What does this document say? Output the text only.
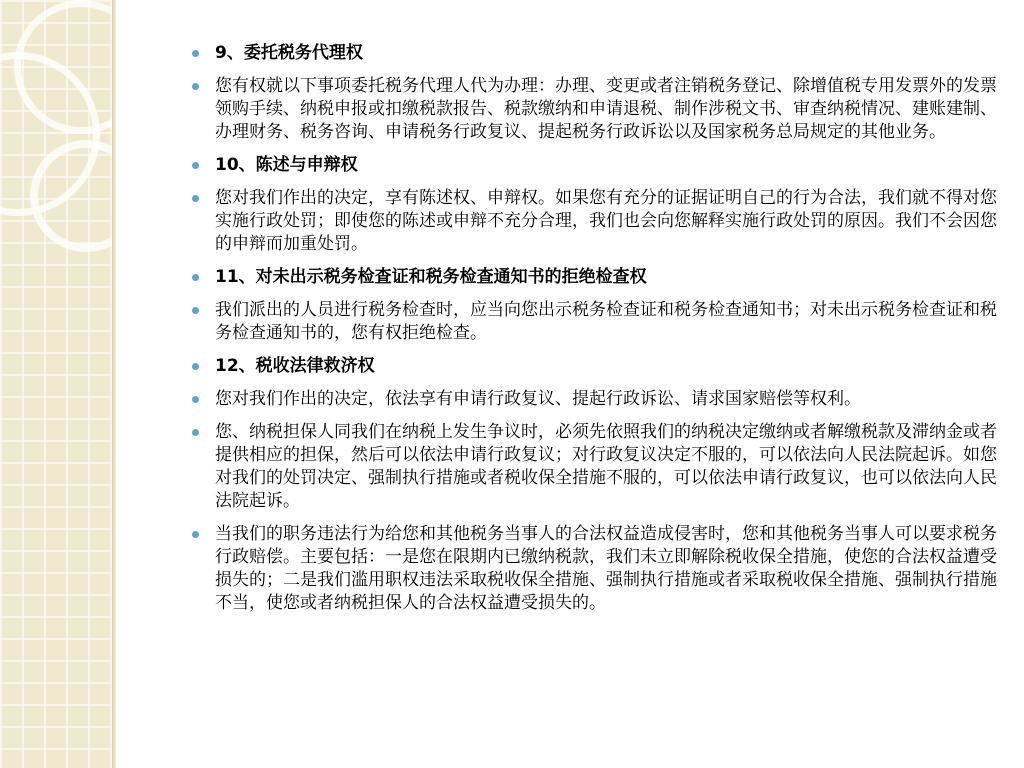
9、委托税务代理权
您有权就以下事项委托税务代理人代为办理：办理、变更或者注销税务登记、除增值税专用发票外的发票领购手续、纳税申报或扣缴税款报告、税款缴纳和申请退税、制作涉税文书、审查纳税情况、建账建制、办理财务、税务咨询、申请税务行政复议、提起税务行政诉讼以及国家税务总局规定的其他业务。
10、陈述与申辩权
您对我们作出的决定，享有陈述权、申辩权。如果您有充分的证据证明自己的行为合法，我们就不得对您实施行政处罚；即使您的陈述或申辩不充分合理，我们也会向您解释实施行政处罚的原因。我们不会因您的申辩而加重处罚。
11、对未出示税务检查证和税务检查通知书的拒绝检查权
我们派出的人员进行税务检查时，应当向您出示税务检查证和税务检查通知书；对未出示税务检查证和税务检查通知书的，您有权拒绝检查。
12、税收法律救济权
您对我们作出的决定，依法享有申请行政复议、提起行政诉讼、请求国家赔偿等权利。
您、纳税担保人同我们在纳税上发生争议时，必须先依照我们的纳税决定缴纳或者解缴税款及滞纳金或者提供相应的担保，然后可以依法申请行政复议；对行政复议决定不服的，可以依法向人民法院起诉。如您对我们的处罚决定、强制执行措施或者税收保全措施不服的，可以依法申请行政复议，也可以依法向人民法院起诉。
当我们的职务违法行为给您和其他税务当事人的合法权益造成侵害时，您和其他税务当事人可以要求税务行政赔偿。主要包括：一是您在限期内已缴纳税款，我们未立即解除税收保全措施，使您的合法权益遭受损失的；二是我们滥用职权违法采取税收保全措施、强制执行措施或者采取税收保全措施、强制执行措施不当，使您或者纳税担保人的合法权益遭受损失的。
